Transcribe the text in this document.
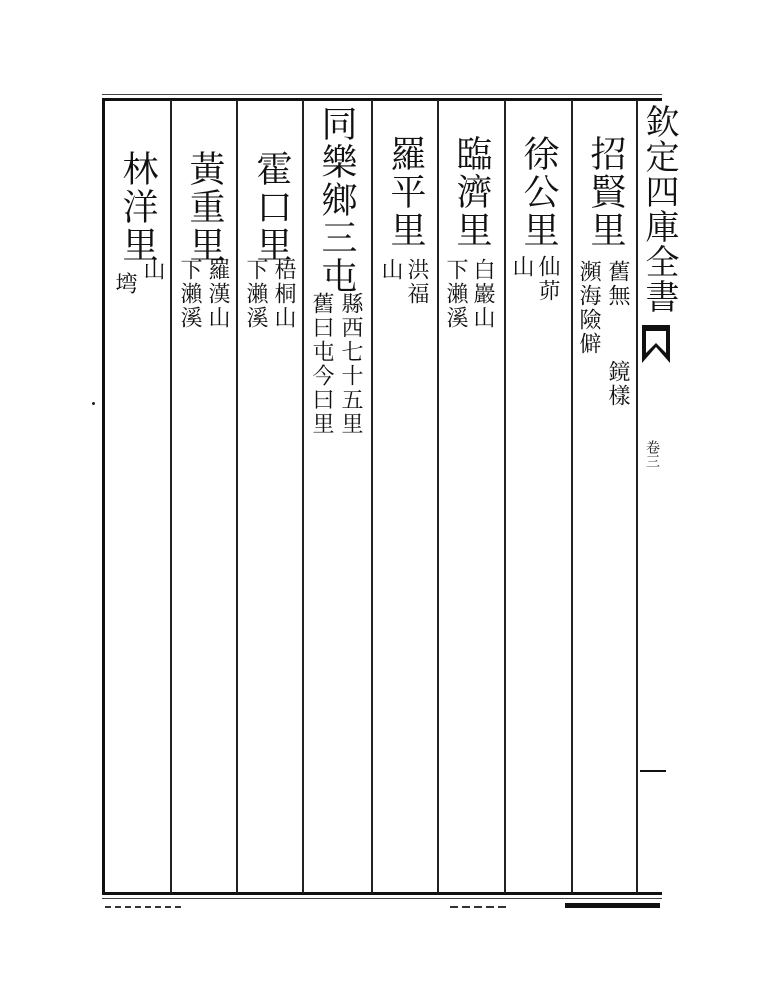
欽定四庫全書
卷三
招賢里
舊無
瀕海險僻
鏡樣
徐公里
仙茆
山
臨濟里
白巖山
下瀨溪
羅平里
洪福
山
同樂鄉三屯
縣西七十五里
舊曰屯今曰里
霍口里
梧桐山
下瀨溪
黃重里
羅漢山
下瀨溪
林洋里
山
塆
